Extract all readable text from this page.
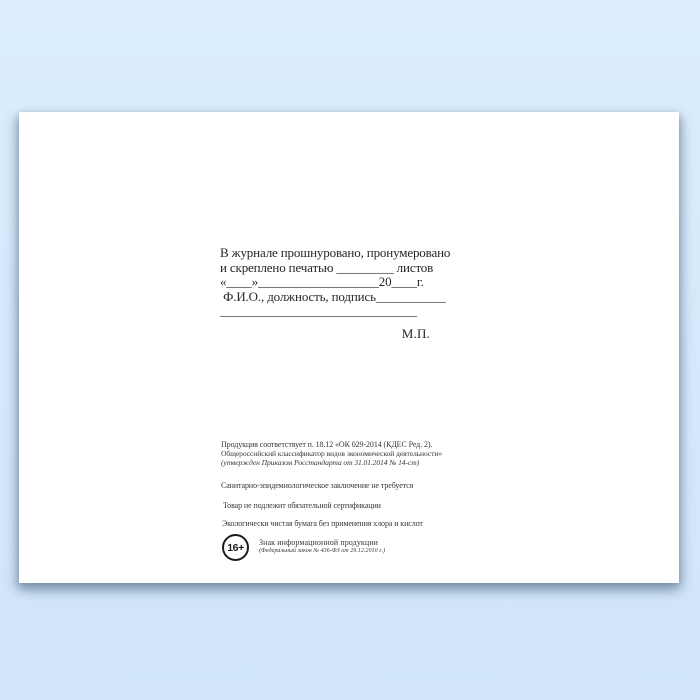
В журнале прошнуровано, пронумеровано
и скреплено печатью _________ листов
«____»___________________20____г.
Ф.И.О., должность, подпись___________
_______________________________
М.П.
Продукция соответствует п. 18.12 «ОК 029-2014 (КДЕС Ред. 2).
Общероссийский классификатор видов экономической деятельности»
(утвержден Приказом Росстандарта от 31.01.2014 № 14-ст)
Санитарно-эпидемиологическое заключение не требуется
Товар не подлежит обязательной сертификации
Экологически чистая бумага без применения хлора и кислот
16+	Знак информационной продукции
(Федеральный закон № 436-ФЗ от 29.12.2010 г.)
